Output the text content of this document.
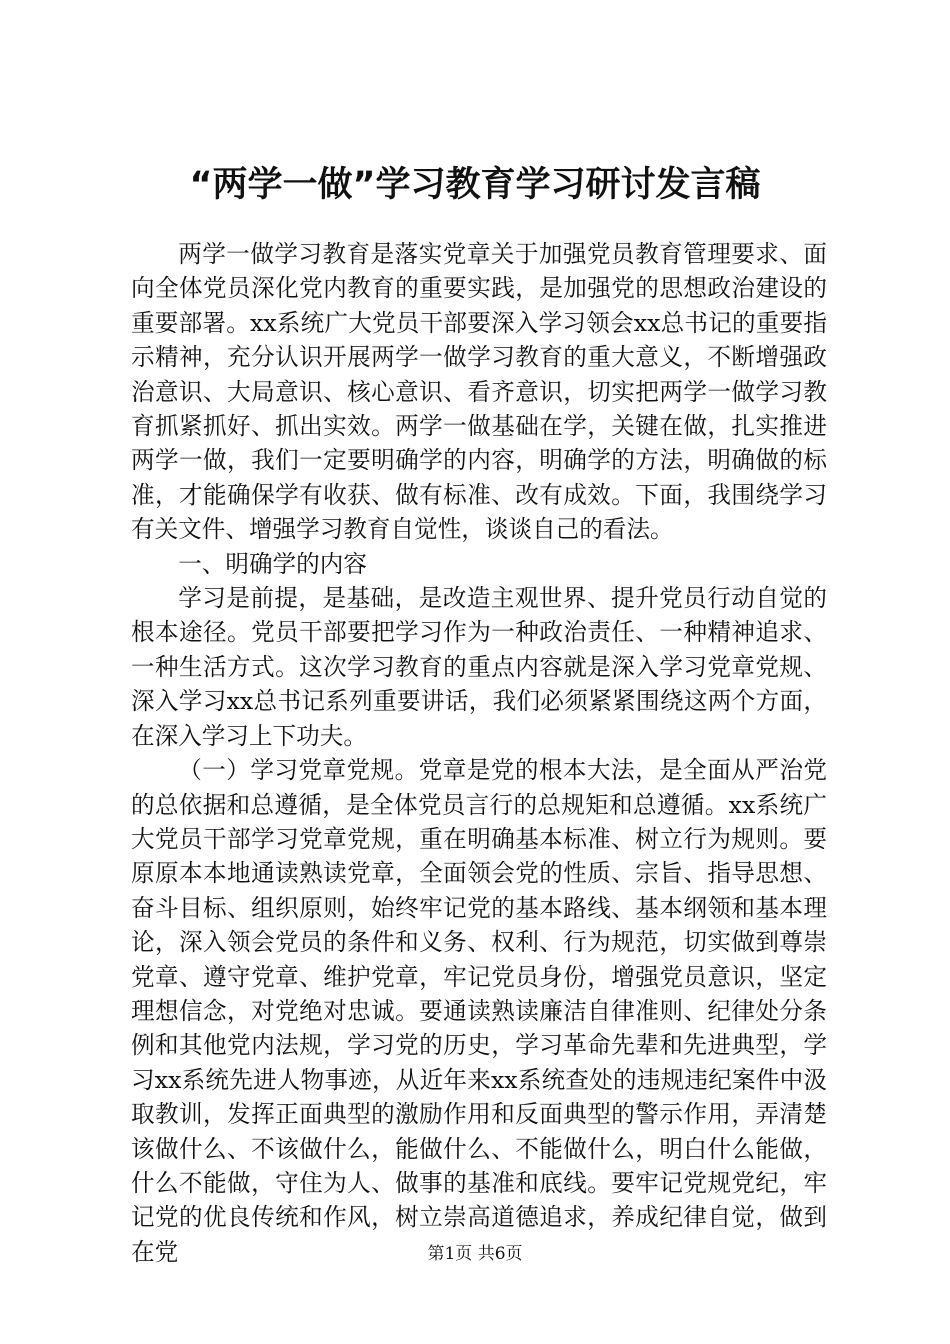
“两学一做”学习教育学习研讨发言稿

两学一做学习教育是落实党章关于加强党员教育管理要求、面向全体党员深化党内教育的重要实践，是加强党的思想政治建设的重要部署。xx系统广大党员干部要深入学习领会xx总书记的重要指示精神，充分认识开展两学一做学习教育的重大意义，不断增强政治意识、大局意识、核心意识、看齐意识，切实把两学一做学习教育抓紧抓好、抓出实效。两学一做基础在学，关键在做，扎实推进两学一做，我们一定要明确学的内容，明确学的方法，明确做的标准，才能确保学有收获、做有标准、改有成效。下面，我围绕学习有关文件、增强学习教育自觉性，谈谈自己的看法。

一、明确学的内容

学习是前提，是基础，是改造主观世界、提升党员行动自觉的根本途径。党员干部要把学习作为一种政治责任、一种精神追求、一种生活方式。这次学习教育的重点内容就是深入学习党章党规、深入学习xx总书记系列重要讲话，我们必须紧紧围绕这两个方面，在深入学习上下功夫。

（一）学习党章党规。党章是党的根本大法，是全面从严治党的总依据和总遵循，是全体党员言行的总规矩和总遵循。xx系统广大党员干部学习党章党规，重在明确基本标准、树立行为规则。要原原本本地通读熟读党章，全面领会党的性质、宗旨、指导思想、奋斗目标、组织原则，始终牢记党的基本路线、基本纲领和基本理论，深入领会党员的条件和义务、权利、行为规范，切实做到尊崇党章、遵守党章、维护党章，牢记党员身份，增强党员意识，坚定理想信念，对党绝对忠诚。要通读熟读廉洁自律准则、纪律处分条例和其他党内法规，学习党的历史，学习革命先辈和先进典型，学习xx系统先进人物事迹，从近年来xx系统查处的违规违纪案件中汲取教训，发挥正面典型的激励作用和反面典型的警示作用，弄清楚该做什么、不该做什么，能做什么、不能做什么，明白什么能做，什么不能做，守住为人、做事的基准和底线。要牢记党规党纪，牢记党的优良传统和作风，树立崇高道德追求，养成纪律自觉，做到在党	第1页 共6页
